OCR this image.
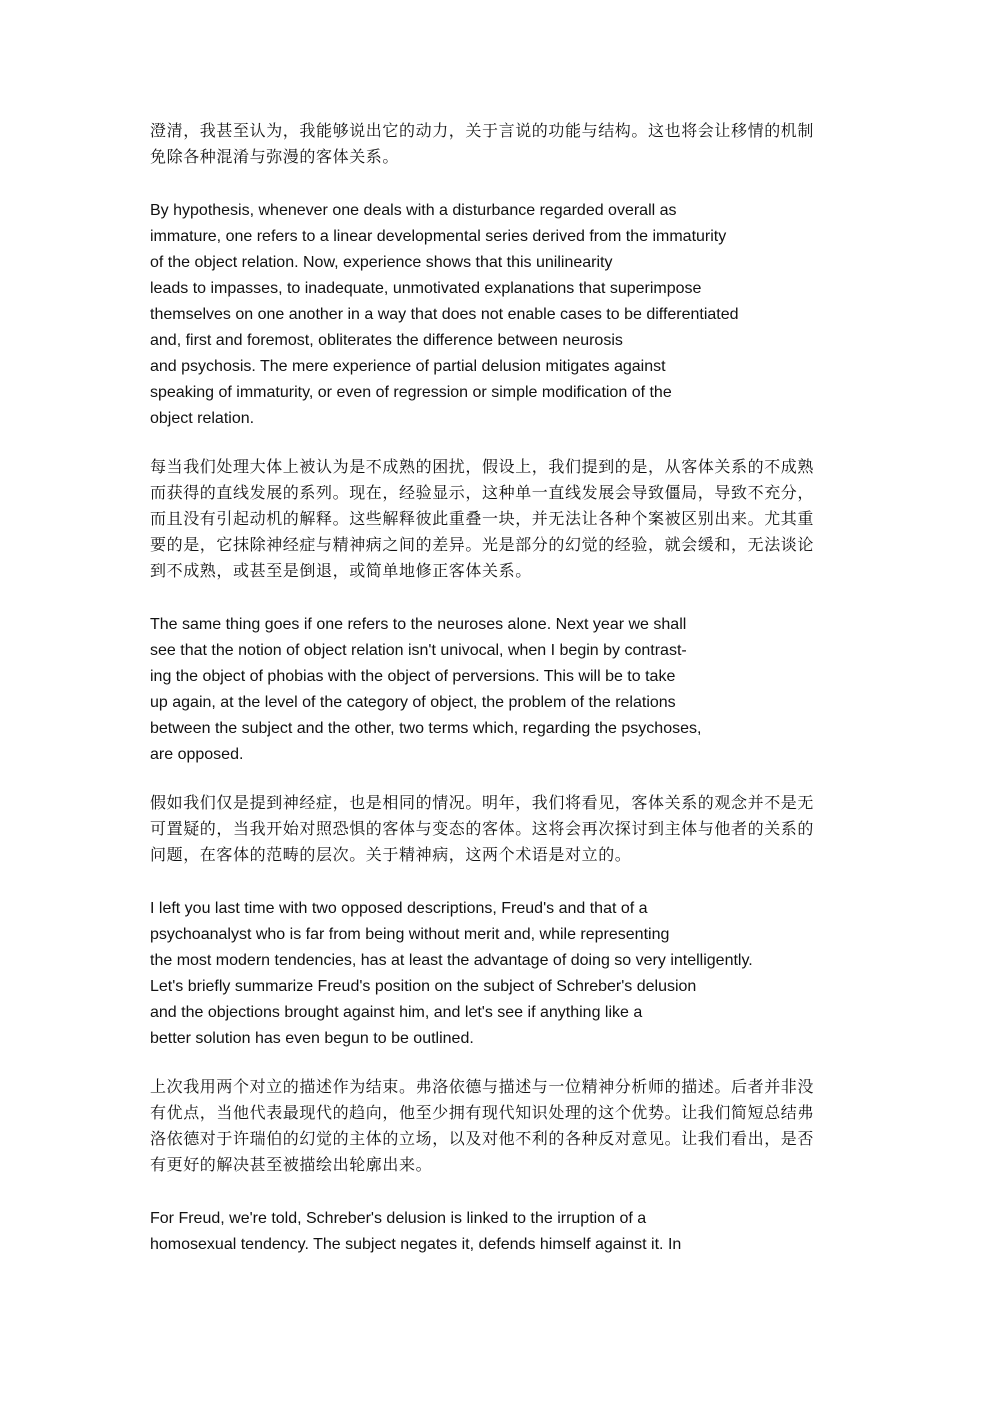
澄清，我甚至认为，我能够说出它的动力，关于言说的功能与结构。这也将会让移情的机制
免除各种混淆与弥漫的客体关系。

By hypothesis, whenever one deals with a disturbance regarded overall as
immature, one refers to a linear developmental series derived from the immaturity
of the object relation. Now, experience shows that this unilinearity
leads to impasses, to inadequate, unmotivated explanations that superimpose
themselves on one another in a way that does not enable cases to be differentiated
and, first and foremost, obliterates the difference between neurosis
and psychosis. The mere experience of partial delusion mitigates against
speaking of immaturity, or even of regression or simple modification of the
object relation.

每当我们处理大体上被认为是不成熟的困扰，假设上，我们提到的是，从客体关系的不成熟
而获得的直线发展的系列。现在，经验显示，这种单一直线发展会导致僵局，导致不充分，
而且没有引起动机的解释。这些解释彼此重叠一块，并无法让各种个案被区别出来。尤其重
要的是，它抹除神经症与精神病之间的差异。光是部分的幻觉的经验，就会缓和，无法谈论
到不成熟，或甚至是倒退，或简单地修正客体关系。

The same thing goes if one refers to the neuroses alone. Next year we shall
see that the notion of object relation isn't univocal, when I begin by contrast-
ing the object of phobias with the object of perversions. This will be to take
up again, at the level of the category of object, the problem of the relations
between the subject and the other, two terms which, regarding the psychoses,
are opposed.

假如我们仅是提到神经症，也是相同的情况。明年，我们将看见，客体关系的观念并不是无
可置疑的，当我开始对照恐惧的客体与变态的客体。这将会再次探讨到主体与他者的关系的
问题，在客体的范畴的层次。关于精神病，这两个术语是对立的。

I left you last time with two opposed descriptions, Freud's and that of a
psychoanalyst who is far from being without merit and, while representing
the most modern tendencies, has at least the advantage of doing so very intelligently.
Let's briefly summarize Freud's position on the subject of Schreber's delusion
and the objections brought against him, and let's see if anything like a
better solution has even begun to be outlined.

上次我用两个对立的描述作为结束。弗洛依德与描述与一位精神分析师的描述。后者并非没
有优点，当他代表最现代的趋向，他至少拥有现代知识处理的这个优势。让我们简短总结弗
洛依德对于许瑞伯的幻觉的主体的立场，以及对他不利的各种反对意见。让我们看出，是否
有更好的解决甚至被描绘出轮廓出来。

For Freud, we're told, Schreber's delusion is linked to the irruption of a
homosexual tendency. The subject negates it, defends himself against it. In
